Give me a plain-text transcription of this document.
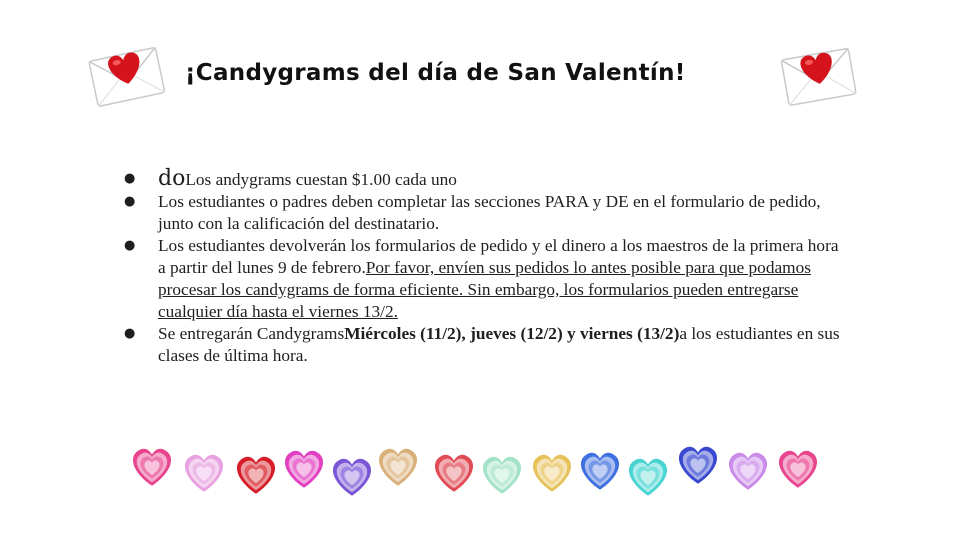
¡Candygrams del día de San Valentín!
● doLos andygrams cuestan $1.00 cada uno
● Los estudiantes o padres deben completar las secciones PARA y DE en el formulario de pedido, junto con la calificación del destinatario.
● Los estudiantes devolverán los formularios de pedido y el dinero a los maestros de la primera hora a partir del lunes 9 de febrero.Por favor, envíen sus pedidos lo antes posible para que podamos procesar los candygrams de forma eficiente. Sin embargo, los formularios pueden entregarse cualquier día hasta el viernes 13/2.
● Se entregarán CandygramsMiércoles (11/2), jueves (12/2) y viernes (13/2)a los estudiantes en sus clases de última hora.
